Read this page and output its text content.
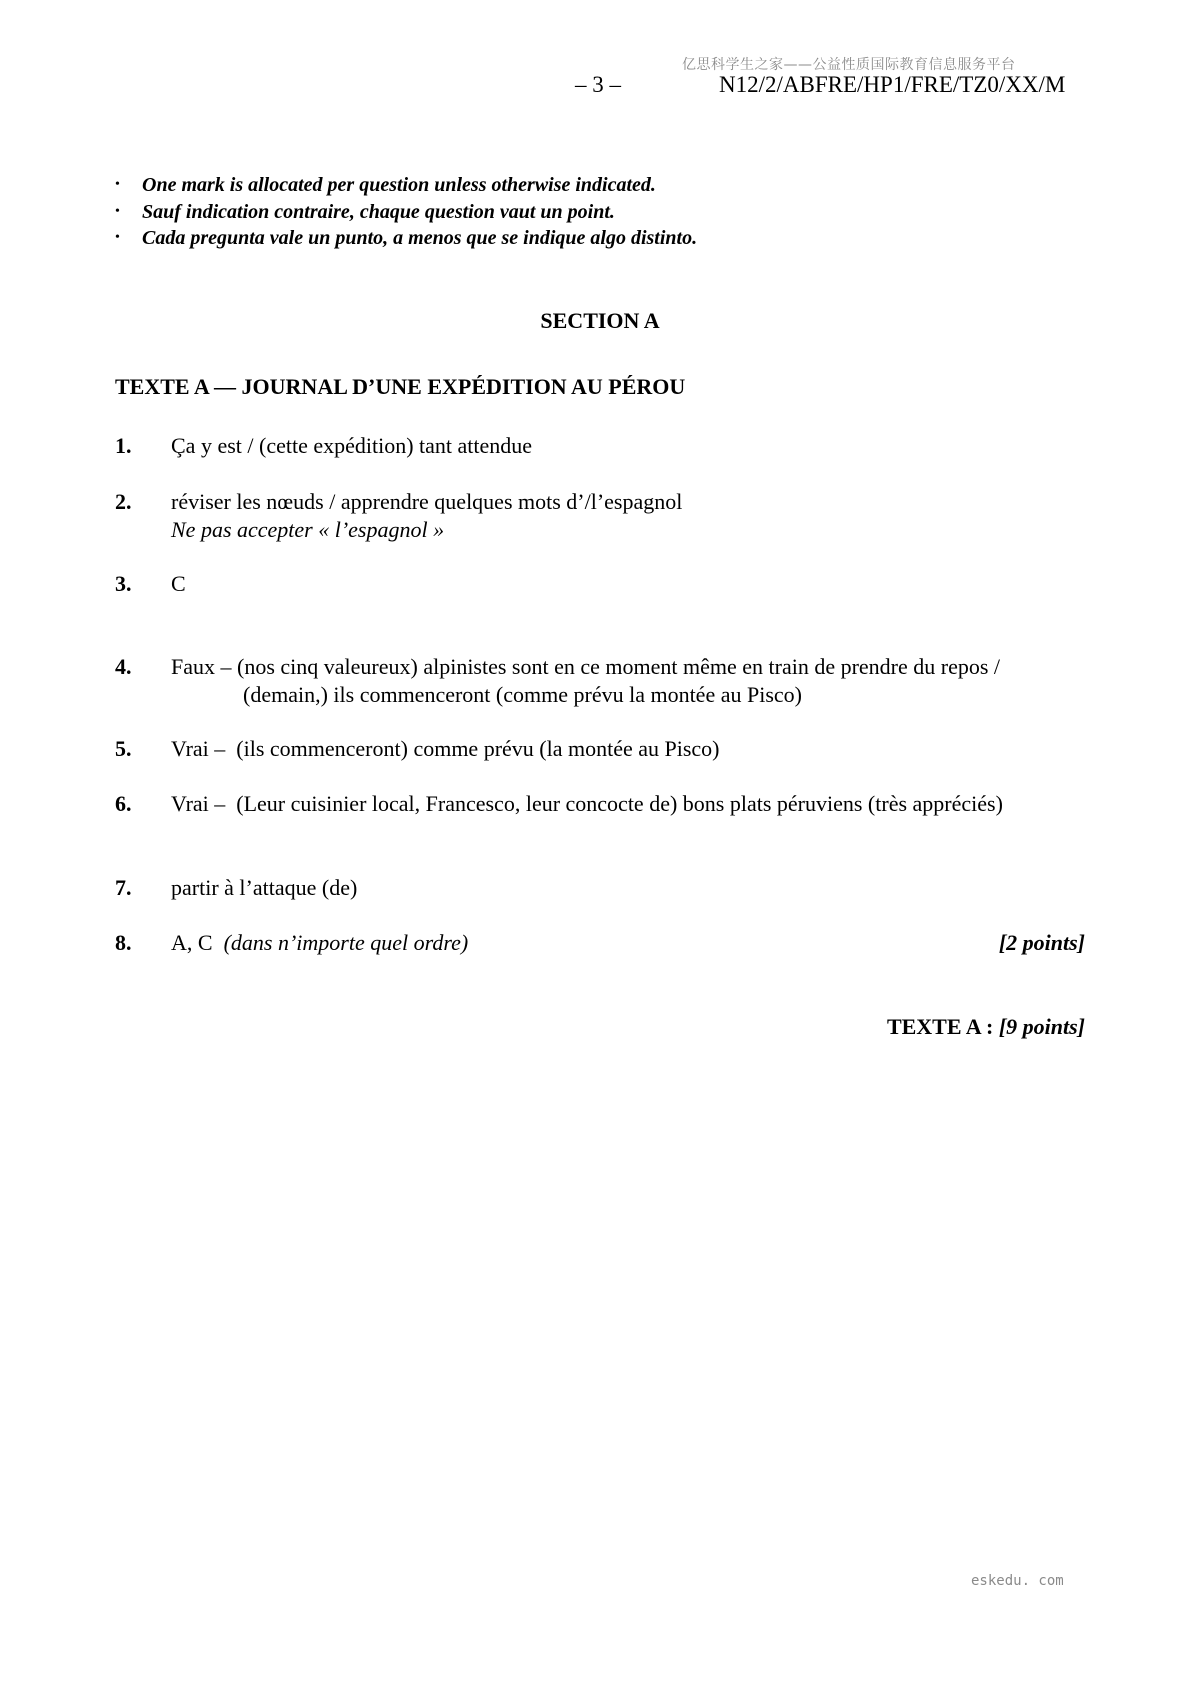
亿思科学生之家——公益性质国际教育信息服务平台
– 3 –	N12/2/ABFRE/HP1/FRE/TZ0/XX/M
• One mark is allocated per question unless otherwise indicated.
• Sauf indication contraire, chaque question vaut un point.
• Cada pregunta vale un punto, a menos que se indique algo distinto.
SECTION A
TEXTE A — JOURNAL D’UNE EXPÉDITION AU PÉROU
1. Ça y est / (cette expédition) tant attendue
2. réviser les nœuds / apprendre quelques mots d’/l’espagnol
Ne pas accepter « l’espagnol »
3. C
4. Faux – (nos cinq valeureux) alpinistes sont en ce moment même en train de prendre du repos /
(demain,) ils commenceront (comme prévu la montée au Pisco)
5. Vrai – (ils commenceront) comme prévu (la montée au Pisco)
6. Vrai – (Leur cuisinier local, Francesco, leur concocte de) bons plats péruviens (très appréciés)
7. partir à l’attaque (de)
8. A, C (dans n’importe quel ordre)	[2 points]
TEXTE A : [9 points]
eskedu. com
